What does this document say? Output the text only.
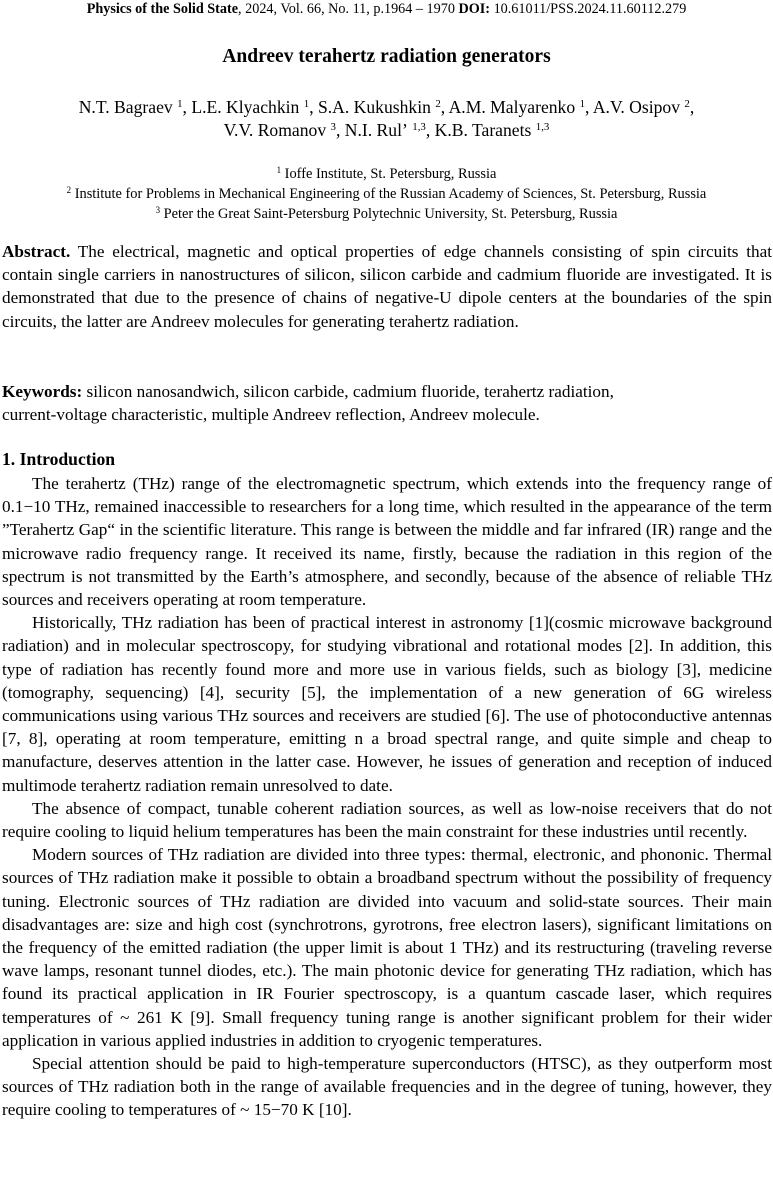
Physics of the Solid State, 2024, Vol. 66, No. 11, p.1964 – 1970 DOI: 10.61011/PSS.2024.11.60112.279
Andreev terahertz radiation generators
N.T. Bagraev $^1$, L.E. Klyachkin $^1$, S.A. Kukushkin $^2$, A.M. Malyarenko $^1$, A.V. Osipov $^2$,
V.V. Romanov $^3$, N.I. Rul’ $^{1,3}$, K.B. Taranets $^{1,3}$
$^1$ Ioffe Institute, St. Petersburg, Russia
$^2$ Institute for Problems in Mechanical Engineering of the Russian Academy of Sciences, St. Petersburg, Russia
$^3$ Peter the Great Saint-Petersburg Polytechnic University, St. Petersburg, Russia
Abstract. The electrical, magnetic and optical properties of edge channels consisting of spin circuits that contain single carriers in nanostructures of silicon, silicon carbide and cadmium fluoride are investigated. It is demonstrated that due to the presence of chains of negative-U dipole centers at the boundaries of the spin circuits, the latter are Andreev molecules for generating terahertz radiation.
Keywords: silicon nanosandwich, silicon carbide, cadmium fluoride, terahertz radiation,
current-voltage characteristic, multiple Andreev reflection, Andreev molecule.
1. Introduction

The terahertz (THz) range of the electromagnetic spectrum, which extends into the frequency range of 0.1−10 THz, remained inaccessible to researchers for a long time, which resulted in the appearance of the term ”Terahertz Gap“ in the scientific literature. This range is between the middle and far infrared (IR) range and the microwave radio frequency range. It received its name, firstly, because the radiation in this region of the spectrum is not transmitted by the Earth’s atmosphere, and secondly, because of the absence of reliable THz sources and receivers operating at room temperature.

Historically, THz radiation has been of practical interest in astronomy [1](cosmic microwave background radiation) and in molecular spectroscopy, for studying vibrational and rotational modes [2]. In addition, this type of radiation has recently found more and more use in various fields, such as biology [3], medicine (tomography, sequencing) [4], security [5], the implementation of a new generation of 6G wireless communications using various THz sources and receivers are studied [6]. The use of photoconductive antennas [7, 8], operating at room temperature, emitting n a broad spectral range, and quite simple and cheap to manufacture, deserves attention in the latter case. However, he issues of generation and reception of induced multimode terahertz radiation remain unresolved to date.

The absence of compact, tunable coherent radiation sources, as well as low-noise receivers that do not require cooling to liquid helium temperatures has been the main constraint for these industries until recently.

Modern sources of THz radiation are divided into three types: thermal, electronic, and phononic. Thermal sources of THz radiation make it possible to obtain a broadband spectrum without the possibility of frequency tuning. Electronic sources of THz radiation are divided into vacuum and solid-state sources. Their main disadvantages are: size and high cost (synchrotrons, gyrotrons, free electron lasers), significant limitations on the frequency of the emitted radiation (the upper limit is about 1 THz) and its restructuring (traveling reverse wave lamps, resonant tunnel diodes, etc.). The main photonic device for generating THz radiation, which has found its practical application in IR Fourier spectroscopy, is a quantum cascade laser, which requires temperatures of ~ 261 K [9]. Small frequency tuning range is another significant problem for their wider application in various applied industries in addition to cryogenic temperatures.

Special attention should be paid to high-temperature superconductors (HTSC), as they outperform most sources of THz radiation both in the range of available frequencies and in the degree of tuning, however, they require cooling to temperatures of ~ 15−70 K [10].
